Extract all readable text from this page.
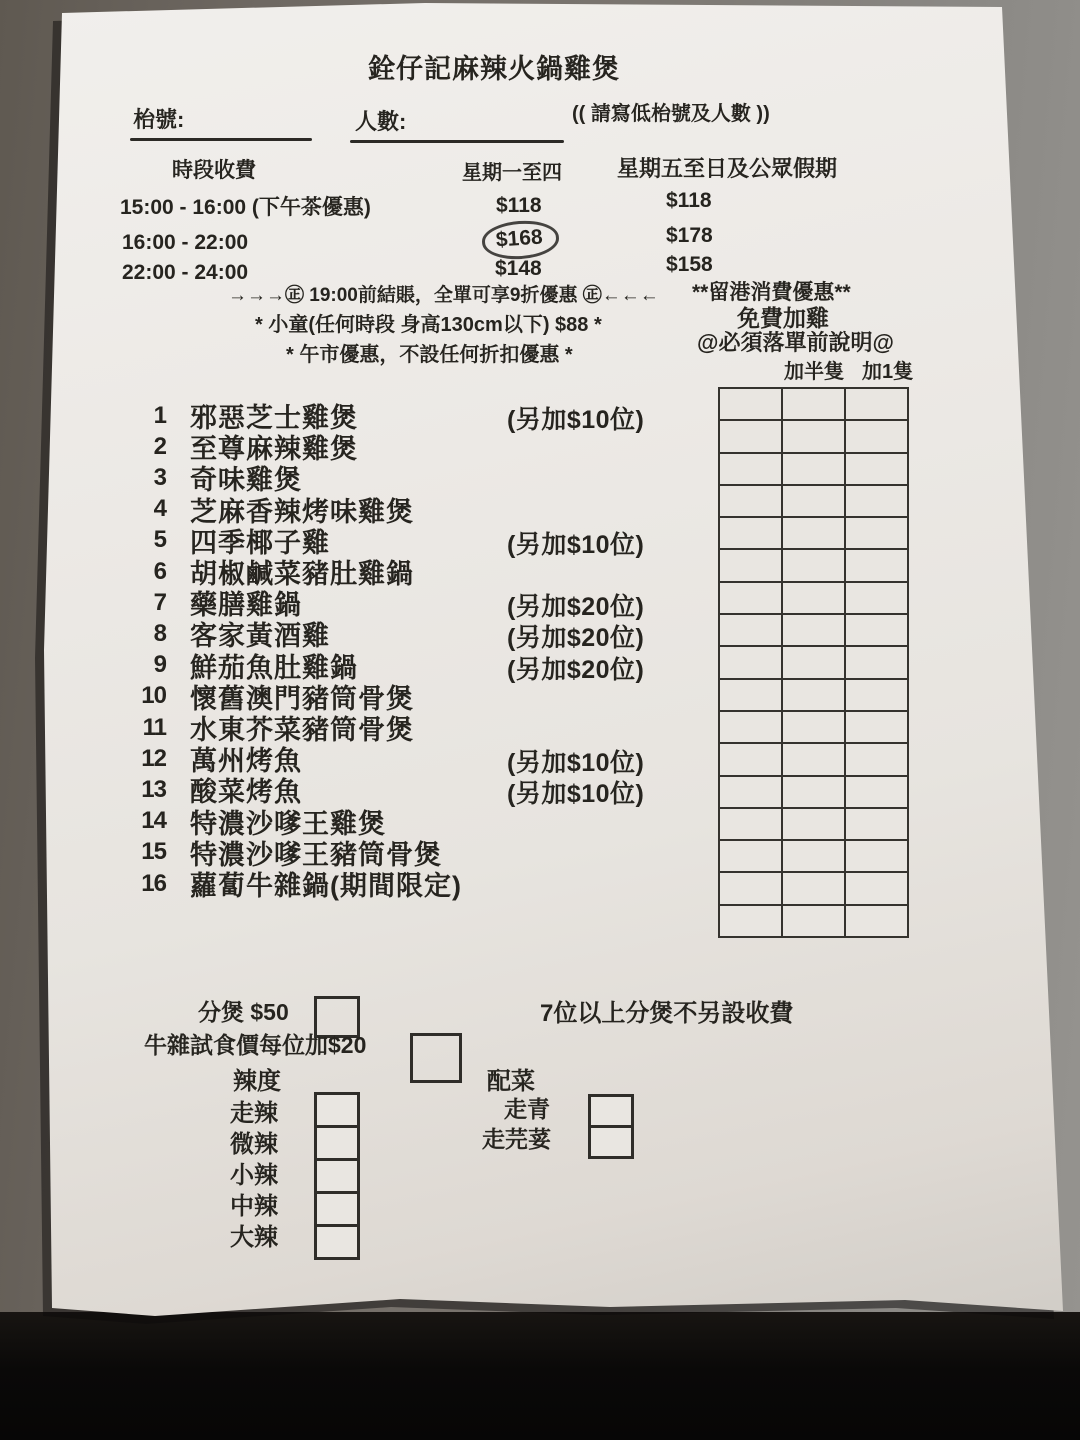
銓仔記麻辣火鍋雞煲
枱號:	人數:	(( 請寫低枱號及人數 ))
時段收費	星期一至四	星期五至日及公眾假期
15:00 - 16:00 (下午茶優惠)	$118	$118
16:00 - 22:00	$168	$178
22:00 - 24:00	$148	$158
→→→㊣ 19:00前結賬，全單可享9折優惠 ㊣←←←
* 小童(任何時段 身高130cm以下) $88 *
* 午市優惠，不設任何折扣優惠 *
**留港消費優惠**
免費加雞
@必須落單前說明@
加半隻 加1隻
1 邪惡芝士雞煲	(另加$10位)
2 至尊麻辣雞煲
3 奇味雞煲
4 芝麻香辣烤味雞煲
5 四季椰子雞	(另加$10位)
6 胡椒鹹菜豬肚雞鍋
7 藥膳雞鍋	(另加$20位)
8 客家黃酒雞	(另加$20位)
9 鮮茄魚肚雞鍋	(另加$20位)
10 懷舊澳門豬筒骨煲
11 水東芥菜豬筒骨煲
12 萬州烤魚	(另加$10位)
13 酸菜烤魚	(另加$10位)
14 特濃沙嗲王雞煲
15 特濃沙嗲王豬筒骨煲
16 蘿蔔牛雜鍋(期間限定)
分煲 $50	7位以上分煲不另設收費
牛雜試食價每位加$20
辣度	配菜
走辣
微辣
小辣
中辣
大辣
走青
走芫荽
